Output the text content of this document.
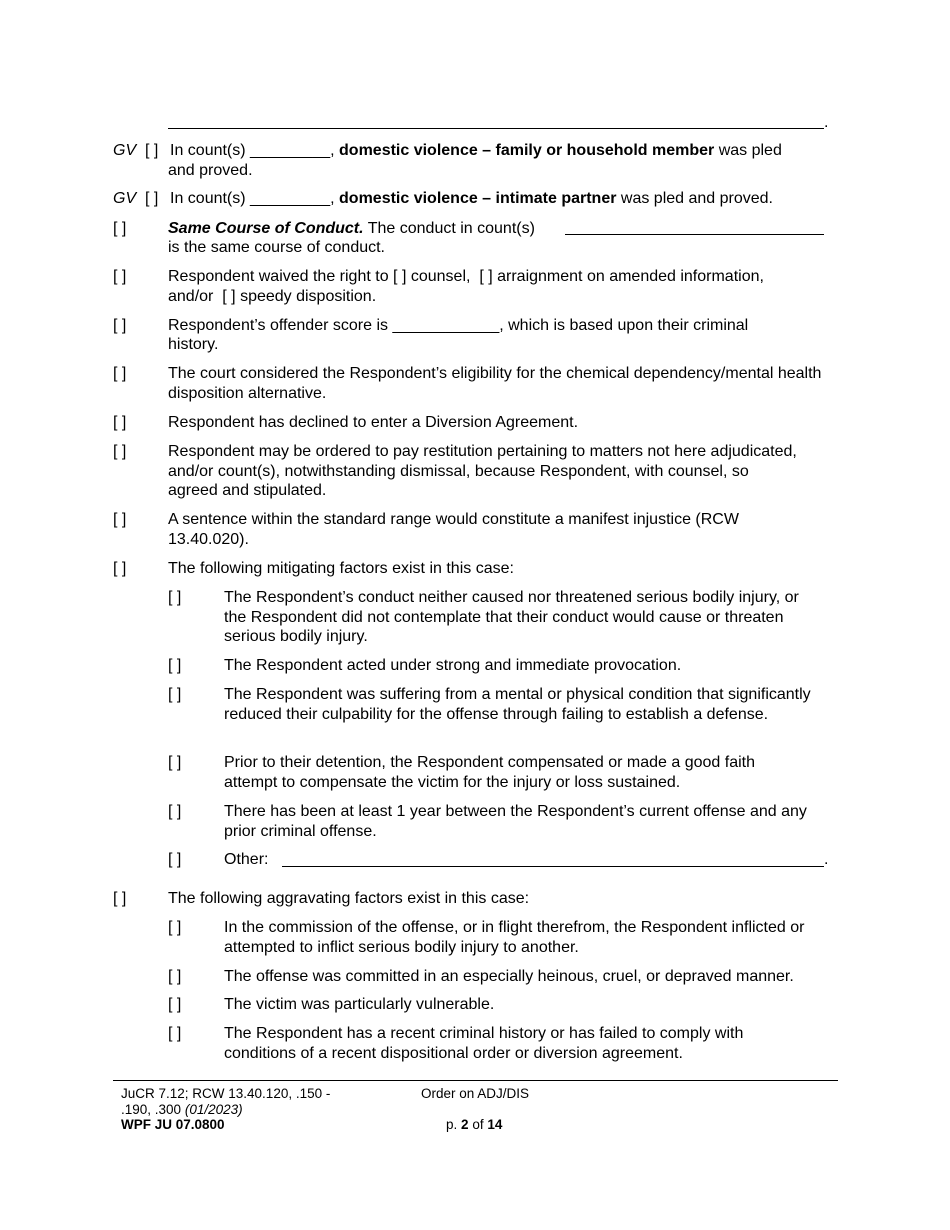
.
GV [ ] In count(s) _________, domestic violence – family or household member was pled
and proved.
GV [ ] In count(s) _________, domestic violence – intimate partner was pled and proved.
[ ]	Same Course of Conduct. The conduct in count(s)
is the same course of conduct.
[ ]	Respondent waived the right to [ ] counsel, [ ] arraignment on amended information,
and/or [ ] speedy disposition.
[ ]	Respondent’s offender score is ____________, which is based upon their criminal
history.
[ ]	The court considered the Respondent’s eligibility for the chemical dependency/mental health disposition alternative.
[ ]	Respondent has declined to enter a Diversion Agreement.
[ ]	Respondent may be ordered to pay restitution pertaining to matters not here adjudicated, and/or count(s), notwithstanding dismissal, because Respondent, with counsel, so agreed and stipulated.
[ ]	A sentence within the standard range would constitute a manifest injustice (RCW 13.40.020).
[ ]	The following mitigating factors exist in this case:
[ ]	The Respondent’s conduct neither caused nor threatened serious bodily injury, or the Respondent did not contemplate that their conduct would cause or threaten serious bodily injury.
[ ]	The Respondent acted under strong and immediate provocation.
[ ]	The Respondent was suffering from a mental or physical condition that significantly reduced their culpability for the offense through failing to establish a defense.
[ ]	Prior to their detention, the Respondent compensated or made a good faith attempt to compensate the victim for the injury or loss sustained.
[ ]	There has been at least 1 year between the Respondent’s current offense and any prior criminal offense.
[ ]	Other:	.
[ ]	The following aggravating factors exist in this case:
[ ]	In the commission of the offense, or in flight therefrom, the Respondent inflicted or attempted to inflict serious bodily injury to another.
[ ]	The offense was committed in an especially heinous, cruel, or depraved manner.
[ ]	The victim was particularly vulnerable.
[ ]	The Respondent has a recent criminal history or has failed to comply with conditions of a recent dispositional order or diversion agreement.
JuCR 7.12; RCW 13.40.120, .150 -
.190, .300 (01/2023)
WPF JU 07.0800
Order on ADJ/DIS
p. 2 of 14
